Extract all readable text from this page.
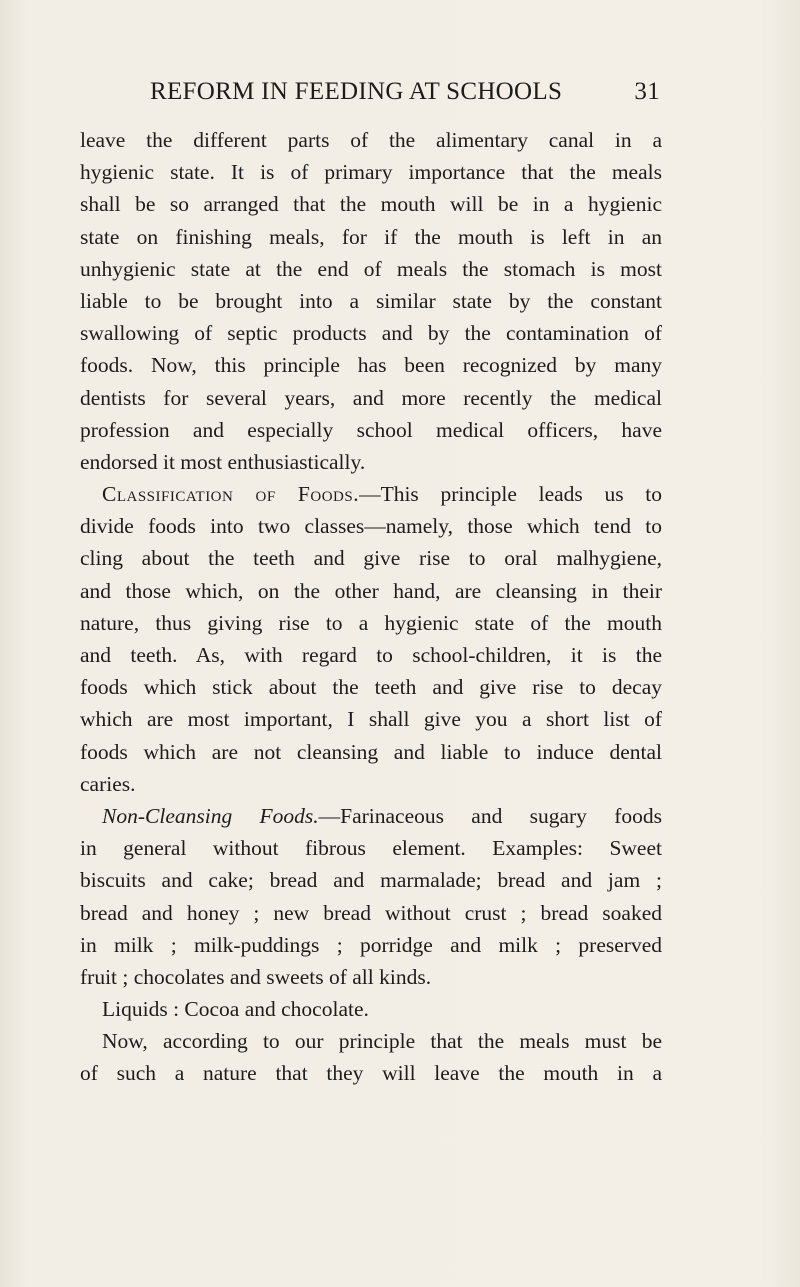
REFORM IN FEEDING AT SCHOOLS	31
leave the different parts of the alimentary canal in a
hygienic state. It is of primary importance that the meals
shall be so arranged that the mouth will be in a hygienic
state on finishing meals, for if the mouth is left in an
unhygienic state at the end of meals the stomach is most
liable to be brought into a similar state by the constant
swallowing of septic products and by the contamination of
foods. Now, this principle has been recognized by many
dentists for several years, and more recently the medical
profession and especially school medical officers, have
endorsed it most enthusiastically.
Classification of Foods.—This principle leads us to
divide foods into two classes—namely, those which tend to
cling about the teeth and give rise to oral malhygiene,
and those which, on the other hand, are cleansing in their
nature, thus giving rise to a hygienic state of the mouth
and teeth. As, with regard to school-children, it is the
foods which stick about the teeth and give rise to decay
which are most important, I shall give you a short list of
foods which are not cleansing and liable to induce dental
caries.
Non-Cleansing Foods.—Farinaceous and sugary foods
in general without fibrous element. Examples: Sweet
biscuits and cake; bread and marmalade; bread and jam ;
bread and honey ; new bread without crust ; bread soaked
in milk ; milk-puddings ; porridge and milk ; preserved
fruit ; chocolates and sweets of all kinds.
Liquids : Cocoa and chocolate.
Now, according to our principle that the meals must be
of such a nature that they will leave the mouth in a
